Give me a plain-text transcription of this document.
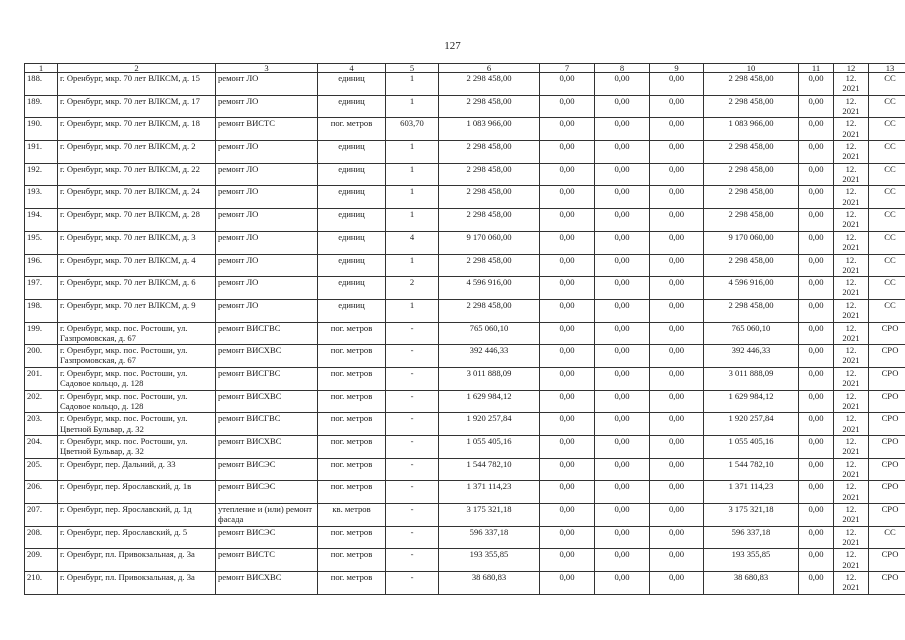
127
1	2	3	4	5	6	7	8	9	10	11	12	13
188.	г. Оренбург, мкр. 70 лет ВЛКСМ, д. 15	ремонт ЛО	единиц	1	2 298 458,00	0,00	0,00	0,00	2 298 458,00	0,00	12. 2021	СС
189.	г. Оренбург, мкр. 70 лет ВЛКСМ, д. 17	ремонт ЛО	единиц	1	2 298 458,00	0,00	0,00	0,00	2 298 458,00	0,00	12. 2021	СС
190.	г. Оренбург, мкр. 70 лет ВЛКСМ, д. 18	ремонт ВИСТС	пог. метров	603,70	1 083 966,00	0,00	0,00	0,00	1 083 966,00	0,00	12. 2021	СС
191.	г. Оренбург, мкр. 70 лет ВЛКСМ, д. 2	ремонт ЛО	единиц	1	2 298 458,00	0,00	0,00	0,00	2 298 458,00	0,00	12. 2021	СС
192.	г. Оренбург, мкр. 70 лет ВЛКСМ, д. 22	ремонт ЛО	единиц	1	2 298 458,00	0,00	0,00	0,00	2 298 458,00	0,00	12. 2021	СС
193.	г. Оренбург, мкр. 70 лет ВЛКСМ, д. 24	ремонт ЛО	единиц	1	2 298 458,00	0,00	0,00	0,00	2 298 458,00	0,00	12. 2021	СС
194.	г. Оренбург, мкр. 70 лет ВЛКСМ, д. 28	ремонт ЛО	единиц	1	2 298 458,00	0,00	0,00	0,00	2 298 458,00	0,00	12. 2021	СС
195.	г. Оренбург, мкр. 70 лет ВЛКСМ, д. 3	ремонт ЛО	единиц	4	9 170 060,00	0,00	0,00	0,00	9 170 060,00	0,00	12. 2021	СС
196.	г. Оренбург, мкр. 70 лет ВЛКСМ, д. 4	ремонт ЛО	единиц	1	2 298 458,00	0,00	0,00	0,00	2 298 458,00	0,00	12. 2021	СС
197.	г. Оренбург, мкр. 70 лет ВЛКСМ, д. 6	ремонт ЛО	единиц	2	4 596 916,00	0,00	0,00	0,00	4 596 916,00	0,00	12. 2021	СС
198.	г. Оренбург, мкр. 70 лет ВЛКСМ, д. 9	ремонт ЛО	единиц	1	2 298 458,00	0,00	0,00	0,00	2 298 458,00	0,00	12. 2021	СС
199.	г. Оренбург, мкр. пос. Ростоши, ул. Газпромовская, д. 67	ремонт ВИСГВС	пог. метров	-	765 060,10	0,00	0,00	0,00	765 060,10	0,00	12. 2021	СРО
200.	г. Оренбург, мкр. пос. Ростоши, ул. Газпромовская, д. 67	ремонт ВИСХВС	пог. метров	-	392 446,33	0,00	0,00	0,00	392 446,33	0,00	12. 2021	СРО
201.	г. Оренбург, мкр. пос. Ростоши, ул. Садовое кольцо, д. 128	ремонт ВИСГВС	пог. метров	-	3 011 888,09	0,00	0,00	0,00	3 011 888,09	0,00	12. 2021	СРО
202.	г. Оренбург, мкр. пос. Ростоши, ул. Садовое кольцо, д. 128	ремонт ВИСХВС	пог. метров	-	1 629 984,12	0,00	0,00	0,00	1 629 984,12	0,00	12. 2021	СРО
203.	г. Оренбург, мкр. пос. Ростоши, ул. Цветной Бульвар, д. 32	ремонт ВИСГВС	пог. метров	-	1 920 257,84	0,00	0,00	0,00	1 920 257,84	0,00	12. 2021	СРО
204.	г. Оренбург, мкр. пос. Ростоши, ул. Цветной Бульвар, д. 32	ремонт ВИСХВС	пог. метров	-	1 055 405,16	0,00	0,00	0,00	1 055 405,16	0,00	12. 2021	СРО
205.	г. Оренбург, пер. Дальний, д. 33	ремонт ВИСЭС	пог. метров	-	1 544 782,10	0,00	0,00	0,00	1 544 782,10	0,00	12. 2021	СРО
206.	г. Оренбург, пер. Ярославский, д. 1в	ремонт ВИСЭС	пог. метров	-	1 371 114,23	0,00	0,00	0,00	1 371 114,23	0,00	12. 2021	СРО
207.	г. Оренбург, пер. Ярославский, д. 1д	утепление и (или) ремонт фасада	кв. метров	-	3 175 321,18	0,00	0,00	0,00	3 175 321,18	0,00	12. 2021	СРО
208.	г. Оренбург, пер. Ярославский, д. 5	ремонт ВИСЭС	пог. метров	-	596 337,18	0,00	0,00	0,00	596 337,18	0,00	12. 2021	СС
209.	г. Оренбург, пл. Привокзальная, д. 3а	ремонт ВИСТС	пог. метров	-	193 355,85	0,00	0,00	0,00	193 355,85	0,00	12. 2021	СРО
210.	г. Оренбург, пл. Привокзальная, д. 3а	ремонт ВИСХВС	пог. метров	-	38 680,83	0,00	0,00	0,00	38 680,83	0,00	12. 2021	СРО
